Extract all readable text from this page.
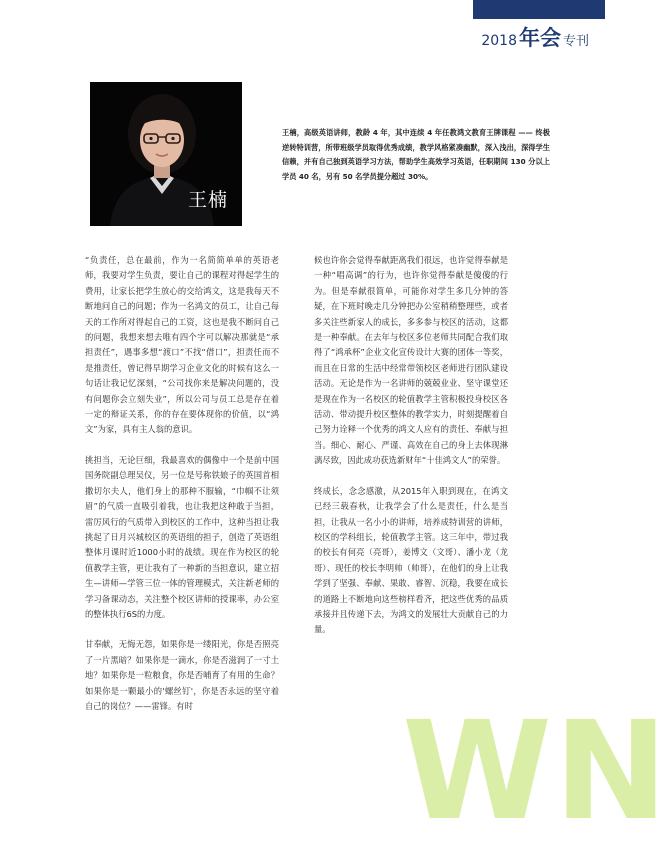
2018年会 专刊
王楠
王楠，高级英语讲师，教龄 4 年，其中连续 4 年任教鸿文教育王牌课程 —— 终极逆转特训营，所带班级学员取得优秀成绩，教学风格紧凑幽默，深入浅出，深得学生信赖，并有自己独到英语学习方法，帮助学生高效学习英语，任职期间 130 分以上学员 40 名，另有 50 名学员提分超过 30%。

“负责任，总在最前，作为一名简简单单的英语老师，我要对学生负责，要让自己的课程对得起学生的费用，让家长把学生放心的交给鸿文，这是我每天不断地问自己的问题；作为一名鸿文的员工，让自己每天的工作所对得起自己的工资，这也是我不断问自己的问题，我想来想去唯有四个字可以解决那就是“承担责任”，遇事多想“渡口”不找“借口”，担责任而不是推责任，曾记得早期学习企业文化的时候有这么一句话让我记忆深刻，“公司找你来是解决问题的，没有问题你会立刻失业”，所以公司与员工总是存在着一定的辩证关系，你的存在要体现你的价值，以“鸿文”为家，具有主人翁的意识。

挑担当，无论巨细，我最喜欢的偶像中一个是前中国国务院副总理吴仪，另一位是号称铁娘子的英国首相撒切尔夫人，他们身上的那种不服输，“巾帼不让须眉”的气质一直吸引着我，也让我把这种敢于当担，雷厉风行的气质带入到校区的工作中，这种当担让我挑起了日月兴城校区的英语组的担子，创造了英语组整体月课时近1000小时的战绩。现在作为校区的轮值教学主管，更让我有了一种新的当担意识，建立招生—讲师—学管三位一体的管理模式，关注新老师的学习备课动态，关注整个校区讲师的授课率，办公室的整体执行6S的力度。

甘奉献，无悔无怨，如果你是一缕阳光，你是否照亮了一片黑暗？如果你是一滴水，你是否滋润了一寸土地？如果你是一粒粮食，你是否哺育了有用的生命？如果你是一颗最小的'螺丝钉'，你是否永远的坚守着自己的岗位？——雷锋。有时

候也许你会觉得奉献距离我们很远，也许觉得奉献是一种“唱高调”的行为，也许你觉得奉献是傻傻的行为。但是奉献很简单，可能你对学生多几分钟的答疑，在下班时晚走几分钟把办公室稍稍整理些，或者多关注些新家人的成长，多多参与校区的活动，这都是一种奉献。在去年与校区多位老师共同配合我们取得了“鸿承杯”企业文化宣传设计大赛的团体一等奖，而且在日常的生活中经常带领校区老师进行团队建设活动。无论是作为一名讲师的兢兢业业、坚守课堂还是现在作为一名校区的轮值教学主管积极投身校区各活动、带动提升校区整体的教学实力，时刻提醒着自己努力诠释一个优秀的鸿文人应有的责任、奉献与担当。细心、耐心、严谨、高效在自己的身上去体现淋漓尽致，因此成功获选新财年“十佳鸿文人”的荣誉。

终成长，念念感激，从2015年入职到现在，在鸿文已经三载春秋，让我学会了什么是责任，什么是当担，让我从一名小小的讲师，培养成特训营的讲师，校区的学科组长，轮值教学主管。这三年中，带过我的校长有何亮（亮哥），姜博文（文哥）、潘小龙（龙哥）、现任的校长李明帅（帅哥），在他们的身上让我学到了坚强、奉献、果敢、睿智、沉稳，我要在成长的道路上不断地向这些榜样看齐，把这些优秀的品质承接并且传递下去，为鸿文的发展壮大贡献自己的力量。

WN
